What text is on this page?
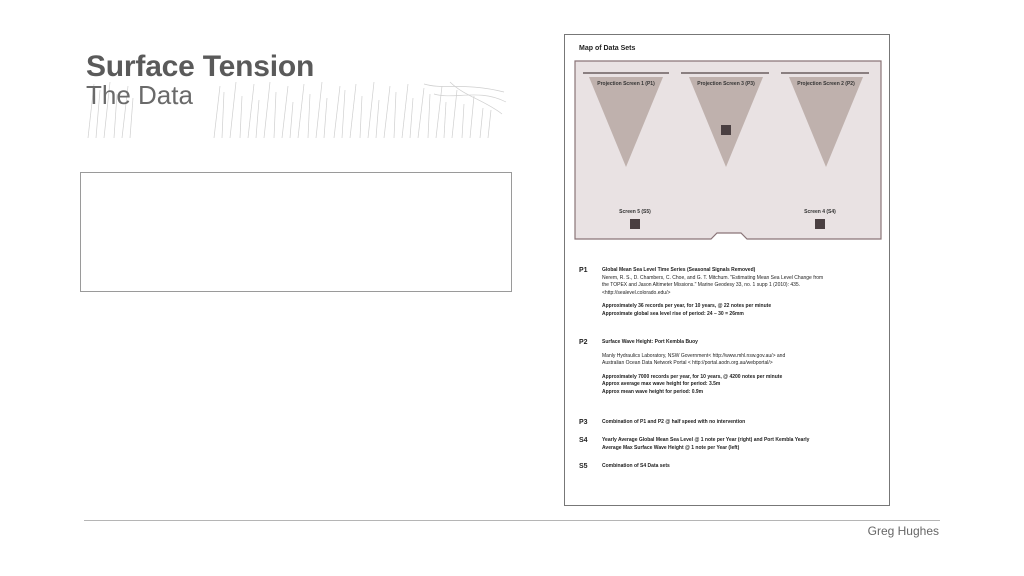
Surface Tension
The Data
Map of Data Sets
Projection Screen 1 (P1)	Projection Screen 3 (P3)	Projection Screen 2 (P2)
Screen 5 (S5)	Screen 4 (S4)
P1	Global Mean Sea Level Time Series (Seasonal Signals Removed)

Nerem, R. S., D. Chambers, C. Choe, and G. T. Mitchum. "Estimating Mean Sea Level Change from

the TOPEX and Jason Altimeter Missions." Marine Geodesy 33, no. 1 supp 1 (2010): 435.

<http://sealevel.colorado.edu/>

Approximately 36 records per year, for 10 years, @ 22 notes per minute

Approximate global sea level rise of period: 24 – 30 = 26mm

P2	Surface Wave Height: Port Kembla Buoy

Manly Hydraulics Laboratory, NSW Government< http://www.mhl.nsw.gov.au/> and

Australian Ocean Data Network Portal < http://portal.aodn.org.au/webportal/>

Approximately 7000 records per year, for 10 years, @ 4200 notes per minute

Approx average max wave height for period: 3.5m

Approx mean wave height for period: 0.9m

P3	Combination of P1 and P2 @ half speed with no intervention

S4	Yearly Average Global Mean Sea Level @ 1 note per Year (right) and Port Kembla Yearly

Average Max Surface Wave Height @ 1 note per Year (left)

S5	Combination of S4 Data sets

Greg Hughes
